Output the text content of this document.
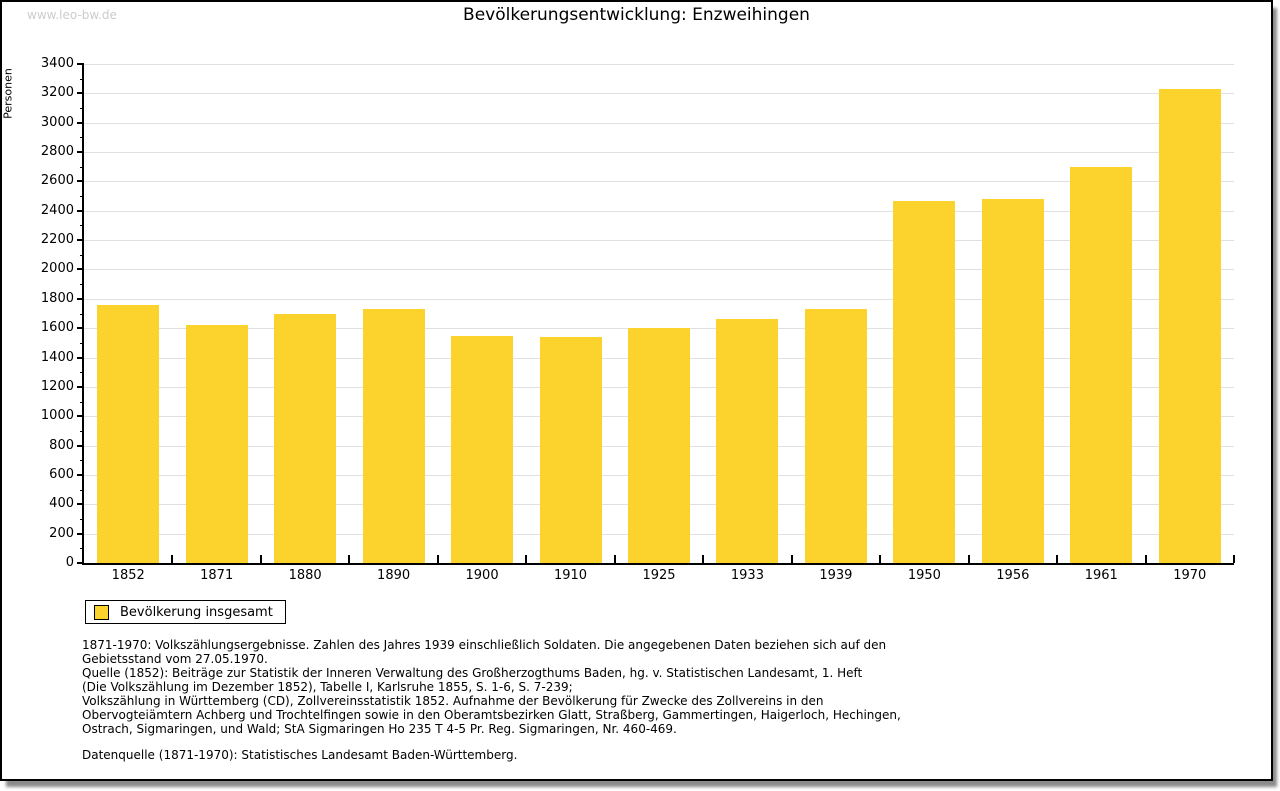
www.leo-bw.de	Bevölkerungsentwicklung: Enzweihingen
Personen
0
200
400
600
800
1000
1200
1400
1600
1800
2000
2200
2400
2600
2800
3000
3200
3400
1852	1871	1880	1890	1900	1910	1925	1933	1939	1950	1956	1961	1970
Bevölkerung insgesamt
1871-1970: Volkszählungsergebnisse. Zahlen des Jahres 1939 einschließlich Soldaten. Die angegebenen Daten beziehen sich auf den
Gebietsstand vom 27.05.1970.
Quelle (1852): Beiträge zur Statistik der Inneren Verwaltung des Großherzogthums Baden, hg. v. Statistischen Landesamt, 1. Heft
(Die Volkszählung im Dezember 1852), Tabelle I, Karlsruhe 1855, S. 1-6, S. 7-239;
Volkszählung in Württemberg (CD), Zollvereinsstatistik 1852. Aufnahme der Bevölkerung für Zwecke des Zollvereins in den
Obervogteiämtern Achberg und Trochtelfingen sowie in den Oberamtsbezirken Glatt, Straßberg, Gammertingen, Haigerloch, Hechingen,
Ostrach, Sigmaringen, und Wald; StA Sigmaringen Ho 235 T 4-5 Pr. Reg. Sigmaringen, Nr. 460-469.
Datenquelle (1871-1970): Statistisches Landesamt Baden-Württemberg.
